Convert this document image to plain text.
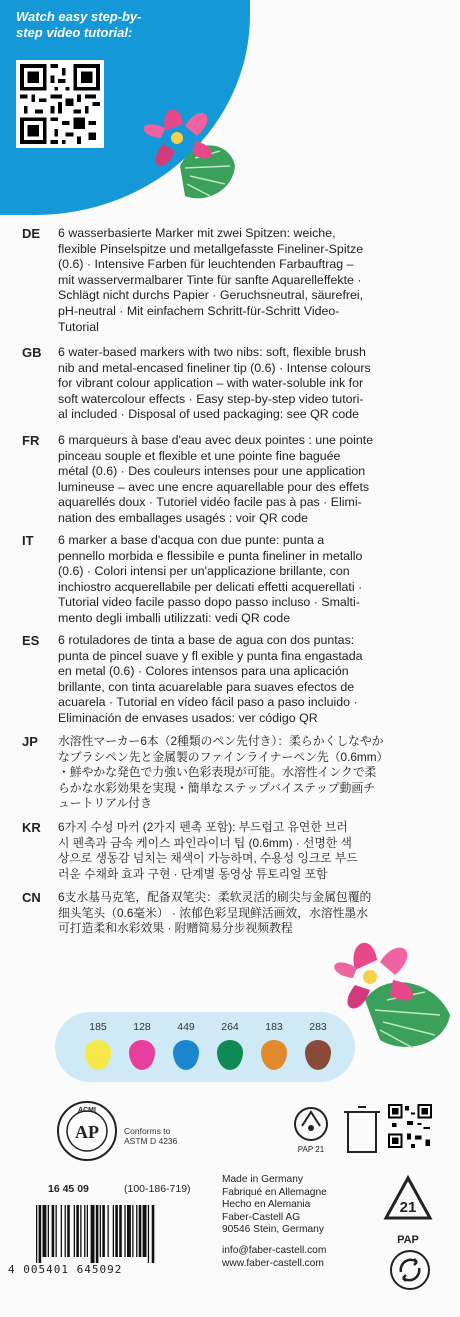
Watch easy step-by-
step video tutorial:
DE 6 wasserbasierte Marker mit zwei Spitzen: weiche,
flexible Pinselspitze und metallgefasste Fineliner-Spitze
(0.6) · Intensive Farben für leuchtenden Farbauftrag –
mit wasservermalbarer Tinte für sanfte Aquarelleffekte ·
Schlägt nicht durchs Papier · Geruchsneutral, säurefrei,
pH-neutral · Mit einfachem Schritt-für-Schritt Video-
Tutorial
GB 6 water-based markers with two nibs: soft, flexible brush
nib and metal-encased fineliner tip (0.6) · Intense colours
for vibrant colour application – with water-soluble ink for
soft watercolour effects · Easy step-by-step video tutori-
al included · Disposal of used packaging: see QR code
FR 6 marqueurs à base d'eau avec deux pointes : une pointe
pinceau souple et flexible et une pointe fine baguée
métal (0.6) · Des couleurs intenses pour une application
lumineuse – avec une encre aquarellable pour des effets
aquarellés doux · Tutoriel vidéo facile pas à pas · Elimi-
nation des emballages usagés : voir QR code
IT 6 marker a base d'acqua con due punte: punta a
pennello morbida e flessibile e punta fineliner in metallo
(0.6) · Colori intensi per un'applicazione brillante, con
inchiostro acquerellabile per delicati effetti acquerellati ·
Tutorial video facile passo dopo passo incluso · Smalti-
mento degli imballi utilizzati: vedi QR code
ES 6 rotuladores de tinta a base de agua con dos puntas:
punta de pincel suave y fl exible y punta fina engastada
en metal (0.6) · Colores intensos para una aplicación
brillante, con tinta acuarelable para suaves efectos de
acuarela · Tutorial en vídeo fácil paso a paso incluido ·
Eliminación de envases usados: ver código QR
JP 水溶性マーカー6本（2種類のペン先付き）：柔らかくしなやか
なブラシペン先と金属製のファインライナーペン先（0.6mm）
・鮮やかな発色で力強い色彩表現が可能。水溶性インクで柔
らかな水彩効果を実現・簡単なステップバイステップ動画チ
ュートリアル付き
KR 6가지 수성 마커 (2가지 펜촉 포함): 부드럽고 유연한 브러
시 펜촉과 금속 케이스 파인라이너 팁 (0.6mm) · 선명한 색
상으로 생동감 넘치는 채색이 가능하며, 수용성 잉크로 부드
러운 수채화 효과 구현 · 단계별 동영상 튜토리얼 포함
CN 6支水基马克笔，配备双笔尖：柔软灵活的刷尖与金属包覆的
细头笔头（0.6毫米） · 浓郁色彩呈现鲜活画效，水溶性墨水
可打造柔和水彩效果 · 附赠简易分步视频教程
185	128	449	264	183	283
ACMI
AP	Conforms to
ASTM D 4236
PAP 21
16 45 09	(100-186-719)
Made in Germany
Fabriqué en Allemagne
Hecho en Alemania
Faber-Castell AG
90546 Stein, Germany
info@faber-castell.com
www.faber-castell.com
4 005401 645092
21
PAP
